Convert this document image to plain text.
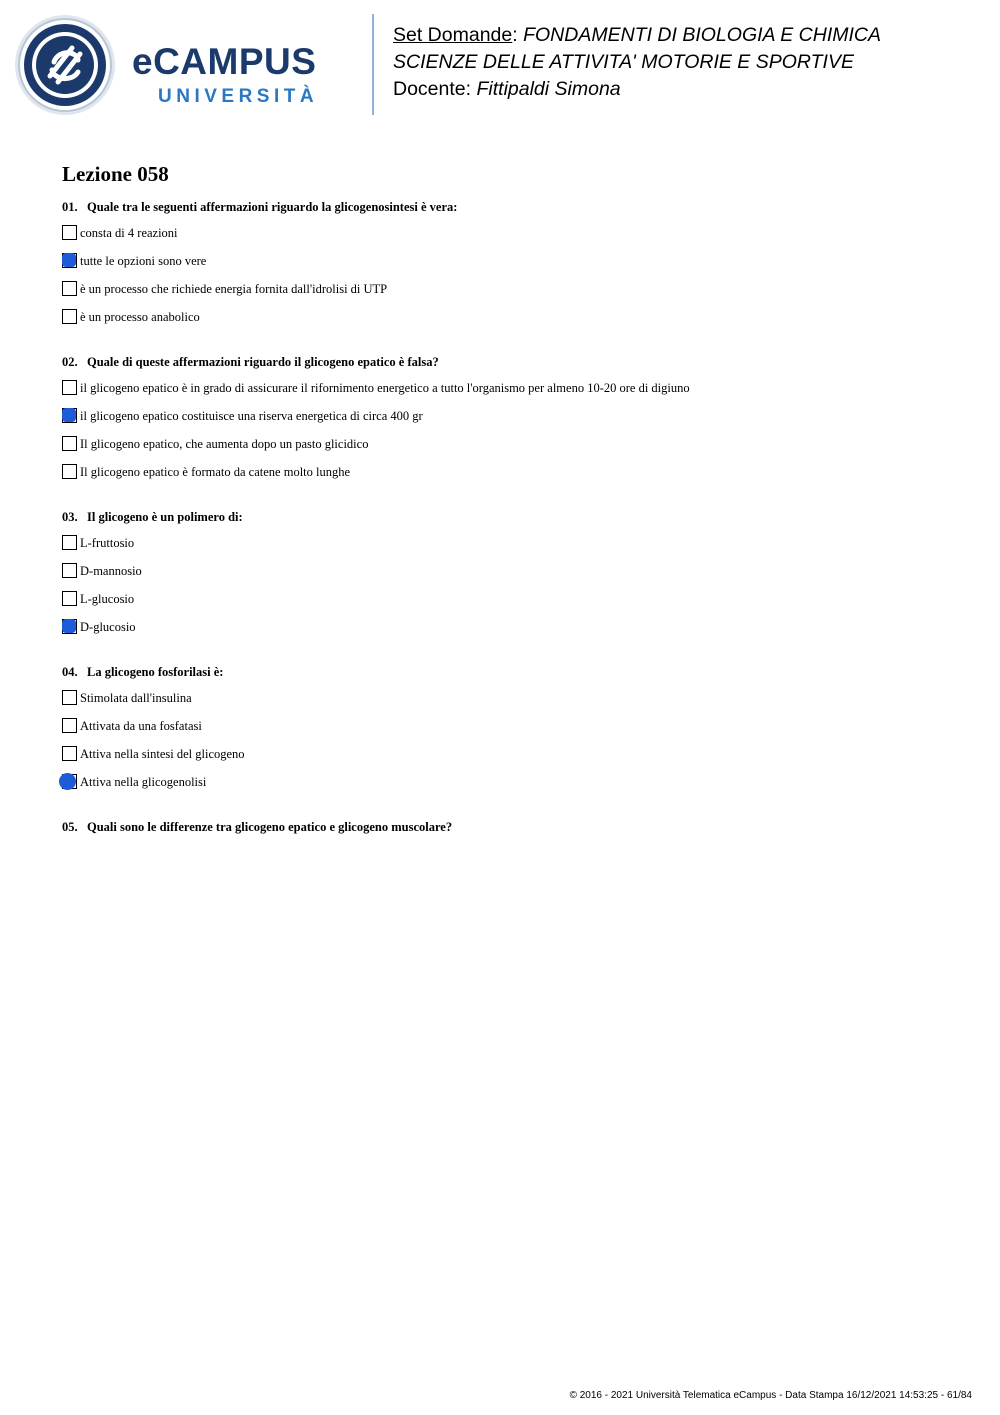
eCAMPUS
UNIVERSITÀ
Set Domande: FONDAMENTI DI BIOLOGIA E CHIMICA
SCIENZE DELLE ATTIVITA' MOTORIE E SPORTIVE
Docente: Fittipaldi Simona
Lezione 058
01. Quale tra le seguenti affermazioni riguardo la glicogenosintesi è vera:
consta di 4 reazioni
tutte le opzioni sono vere
è un processo che richiede energia fornita dall'idrolisi di UTP
è un processo anabolico
02. Quale di queste affermazioni riguardo il glicogeno epatico è falsa?
il glicogeno epatico è in grado di assicurare il rifornimento energetico a tutto l'organismo per almeno 10-20 ore di digiuno
il glicogeno epatico costituisce una riserva energetica di circa 400 gr
Il glicogeno epatico, che aumenta dopo un pasto glicidico
Il glicogeno epatico è formato da catene molto lunghe
03. Il glicogeno è un polimero di:
L-fruttosio
D-mannosio
L-glucosio
D-glucosio
04. La glicogeno fosforilasi è:
Stimolata dall'insulina
Attivata da una fosfatasi
Attiva nella sintesi del glicogeno
Attiva nella glicogenolisi
05. Quali sono le differenze tra glicogeno epatico e glicogeno muscolare?
© 2016 - 2021 Università Telematica eCampus - Data Stampa 16/12/2021 14:53:25 - 61/84
